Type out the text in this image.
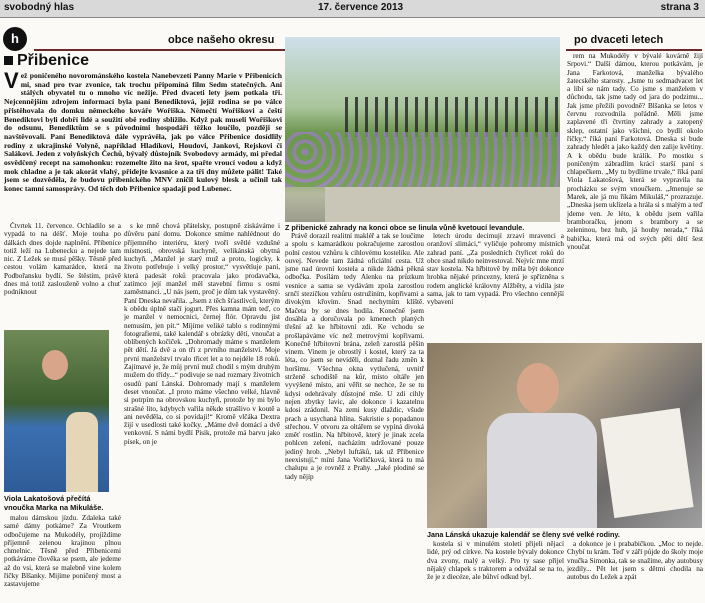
svobodný hlas	17. července 2013	strana 3
h	obce našeho okresu	po dvaceti letech
Přibenice
Vež poničeného novorománského kostela Nanebevzetí Panny Marie v Přibenicích mi, snad pro tvar zvonice, tak trochu připomíná film Sedm statečných. Ani stálých obyvatel tu o mnoho víc nežije. Před dvaceti lety jsem potkala tři. Nejcennějším zdrojem informací byla paní Benediktová, jejíž rodina se po válce přistěhovala do domku německého kováře Wořiška. Němečtí Wořiškovi a čeští Benediktovi byli dobří lidé a soužití obě rodiny sblížilo. Když pak museli Wořiškovi do odsunu, Benediktům se s původními hospodáři těžko loučilo, později se navštěvovali. Paní Benediktová dále vyprávěla, jak po válce Přibenice dosídlily rodiny z ukrajinské Volyně, například Hladíkovi, Houdovi, Jankovi, Rejskovi či Salákovi. Jeden z volyňských Čechů, bývalý důstojník Svobodovy armády, mi předal osvědčený recept na samohonku: rozemelte žito na šrot, spařte vroucí vodou a když mok chladne a je tak akorát vlahý, přidejte kvasnice a za tři dny můžete pálit! Také jsem se dozvěděla, že budovu přibenického MNV zničil kulový blesk a učinil tak konec tamní samosprávy. Od těch dob Přibenice spadají pod Lubenec.
Z přibenické zahrady na konci obce se linula vůně kvetoucí levandule.

Čtvrtek 11. července. Ochladilo se a vypadá to na déšť. Moje touha po dálkách dnes dojde naplnění. Přibenice totiž leží na Lubenecku a nejede tam nic. Z Ležek se musí pěšky. Těsně před cestou volám kamarádce, která na Podbořansku bydlí. Se štěstím, právě dnes má totiž zaslouženě volno a chuť podniknout

Viola Lakatošová přečítá vnoučka Marka na Mikuláše.

malou dámskou jízdu. Zdaleka také samé dámy potkáme? Za Vroutkem odbočujeme na Mukodély, projíždíme příjemně zelenou krajinou plnou chmelnic. Těsně před Přibenicemi potkáváme člověka se psem, ale jedeme až do vsi, která se malebně vine kolem říčky Blšanky. Mijíme poničený most a zastavujeme

s ke mně chová přátelsky, postupně získáváme i důvěru paní domu. Dokonce smíme nahlédnout do příjemného interiéru, který tvoří světlé vzdušné místnosti, obrovská kuchyně, velikánská obytná kuchyň. „Manžel je starý muž a proto, logicky, k životu potřebuje i velký prostor,“ vysvětluje paní, která padesát roků pracovala jako prodavačka, zatímco její manžel měl stavební firmu s osmi zaměstnanci. „U nás jsem, proč je dům tak vystavěný. Paní Dneska nevařila. „Jsem z těch šťastlivců, kterým k obědu úplně stačí jogurt. Přes kamna mám teď, co je manžel v nemocnici, černej flór. Opravdu jíst nemusím, jen pít.“ Míjíme veliké tablo s rodinnými fotografiemi, také kalendář s obrázky dětí, vnoučat a oblíbených kočiček. „Dohromady máme s manželem pět dětí. Já dvě a on tři z prvního manželství. Moje první manželství trvalo třicet let a to nejdéle 18 roků. Zajímavé je, že můj první muž chodil s mým druhým mužem do třídy...“ podivuje se nad rozmary životních osudů paní Lánská. Dohromady mají s manželem deset vnoučat. „I proto máme všechno velké, hlavně si potrpím na obrovskou kuchyň, protože by mi bylo strašné líto, kdybych vařila někde strašlivo v koutě a ani nevěděla, co si povídají!“ Kromě vlčáka Dextra žijí v usedlosti také kočky. „Máme dvě domácí a dvě venkovní. S námi bydlí Písik, protože má barvu jako písek, on je

Právě dorazil realitní makléř a tak se loučíme a spolu s kamarádkou pokračujeme zarostlou polní cestou vzhůru k cihlovému kostelíku. Ale ouvej. Nevede tam žádná oficiální cesta. Už jsme nad úrovní kostela a nikde žádná pěkná odbočka. Posílám tedy Alenku na průzkum vesnice a sama se vydávám zpola zarostlou srnčí stezičkou vzhůru ostružiním, kopřivami a divokým křovím. Snad nechytním klíště. Mačeta by se dnes hodila. Konečně jsem dosáhla a doručovala po kmenech planých třešní až ke hřbitovní zdi. Ke vchodu se prošlapáváme víc než metrovými kopřivami. Konečně hřbitovní brána, zeleň zarostlá pěšin vinem. Vinem je obrostlý i kostel, který za ta léta, co jsem se neviděli, doznal řadu změn k horšímu. Všechna okna vytlučená, uvnitř strženě schodiště na kůr, místo oltáře jen vyvýšené místo, ani věřit se nechce, že se tu kdysi odehrávaly důstojné mše. U zdi cihly nejen zbytky lavic, ale dokonce i kazatelnu kdosi zrádonil. Na zemi kusy dlaždic, všude prach a usychaná hlína. Sakristie s popadanou střechou. V otvoru za oltářem se vypíná divoká změť rostlin. Na hřbitově, který je jinak zcela pohlcen zelení, nacházím udržované pouze jediný hrob. „Nebyl luftáků, tak už Přibenice neexistují,“ míní Jana Vorlíčková, která tu má chalupu a je rovněž z Prahy. „Jaké plodiné se tady nějíp

letech úrodu decimují zrzaví mravenci a oranžoví slimáci,“ vyličuje pohromy místních zahrad paní. „Za posledních čtyřicet roků do obce snad nikdo neinvestoval. Nejvíc mne mrzí stav kostela. Na hřbitově by měla být dokonce hrobka nějaké princezny, která je spřízněna s rodem anglické královny Alžběty, a vidíla jste sama, jak to tam vypadá. Pro všechno cennější vybavení

rem na Mukodély v bývalé kovárně žijí Srpovi.“ Další dámou, kterou potkávám, je Jana Farkotová, manželka bývalého žatecského starosty. „Jsme tu sedmadvacet let a líbí se nám tady. Co jsme s manželem v důchodu, tak jsme tady od jara do podzimu... Jak jsme přežili povodně? Blšanka se letos v červnu rozvodnila pořádně. Měli jsme zaplavené tři čtvrtiny zahrady a zatopený sklep, ostatní jako všichni, co bydlí okolo říčky,“ říká paní Farkotová. Dneska si bude zahrady hledět a jako každý den zalije květiny. A k obědu bude králík. Po mostku s poničeným zábradlím krácí starší paní s chlapečkem. „My tu bydlíme trvale,“ říká paní Viola Lakatošová, která se vypravila na procházku se svým vnoučkem. „Jmenuje se Marek, ale já mu říkám Mikuláš,“ prozrazuje. „Dneska jsem uklízela a hrála si s malým a teď jdeme ven. Je léto, k obědu jsem vařila bramboračku, jenom s brambory a se zeleninou, bez hub, já houby nerada,“ říká babička, která má od svých pěti dětí šest vnoučat

Jana Lánská ukazuje kalendář se členy své velké rodiny.

kostela si v minulém století přijeli nějací lidé, prý od církve. Na kostele bývaly dokonce dva zvony, malý a velký. Pro ty sase přijel nějaký chlapek s traktorem a odvážal se na to, že je z diecéze, ale bůhví odkud byl.

a dokonce je i prababičkou. „Moc to nejde. Chybí tu krám. Teď v září půjde do školy moje vnučka Simonka, tak se snažíme, aby autobusy jezdily... Pět let jsem s dětmi chodila na autobus do Ležek a zpát
